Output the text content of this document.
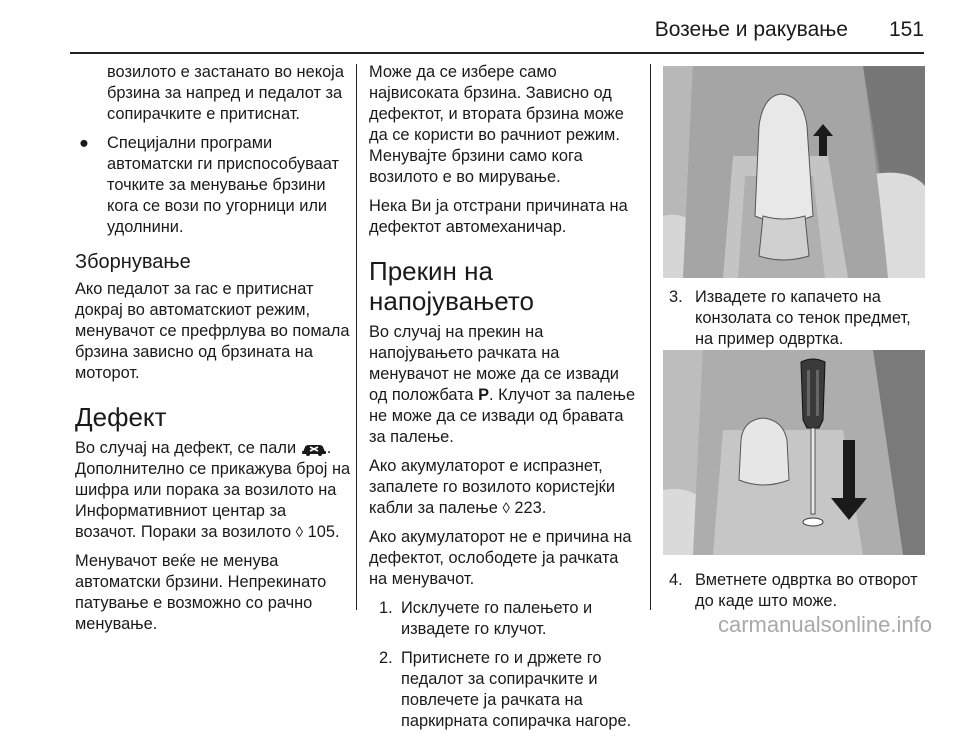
Возење и ракување 151

возилото е застанато во некоја брзина за напред и педалот за сопирачките е притиснат.

● Специјални програми автоматски ги приспособуваат точките за менување брзини кога се вози по угорници или удолнини.
Зборнување

Ако педалот за гас е притиснат докрај во автоматскиот режим, менувачот се префрлува во помала брзина зависно од брзината на моторот.

Дефект

Во случај на дефект, се пали . Дополнително се прикажува број на шифра или порака за возилото на Информативниот центар за возачот. Пораки за возилото ◊ 105.

Менувачот веќе не менува автоматски брзини. Непрекинато патување е возможно со рачно менување.

Може да се избере само највисоката брзина. Зависно од дефектот, и втората брзина може да се користи во рачниот режим. Менувајте брзини само кога возилото е во мирување.

Нека Ви ја отстрани причината на дефектот автомеханичар.

Прекин на напојувањето

Во случај на прекин на напојувањето рачката на менувачот не може да се извади од положбата P. Клучот за палење не може да се извади од бравата за палење.

Ако акумулаторот е испразнет, запалете го возилото користејќи кабли за палење ◊ 223.

Ако акумулаторот не е причина на дефектот, ослободете ја рачката на менувачот.

1. Исклучете го палењето и извадете го клучот.
2. Притиснете го и држете го педалот за сопирачките и повлечете ја рачката на паркирната сопирачка нагоре.
3. Извадете го капачето на конзолата со тенок предмет, на пример одвртка.
4. Вметнете одвртка во отворот до каде што може.
carmanualsonline.info
